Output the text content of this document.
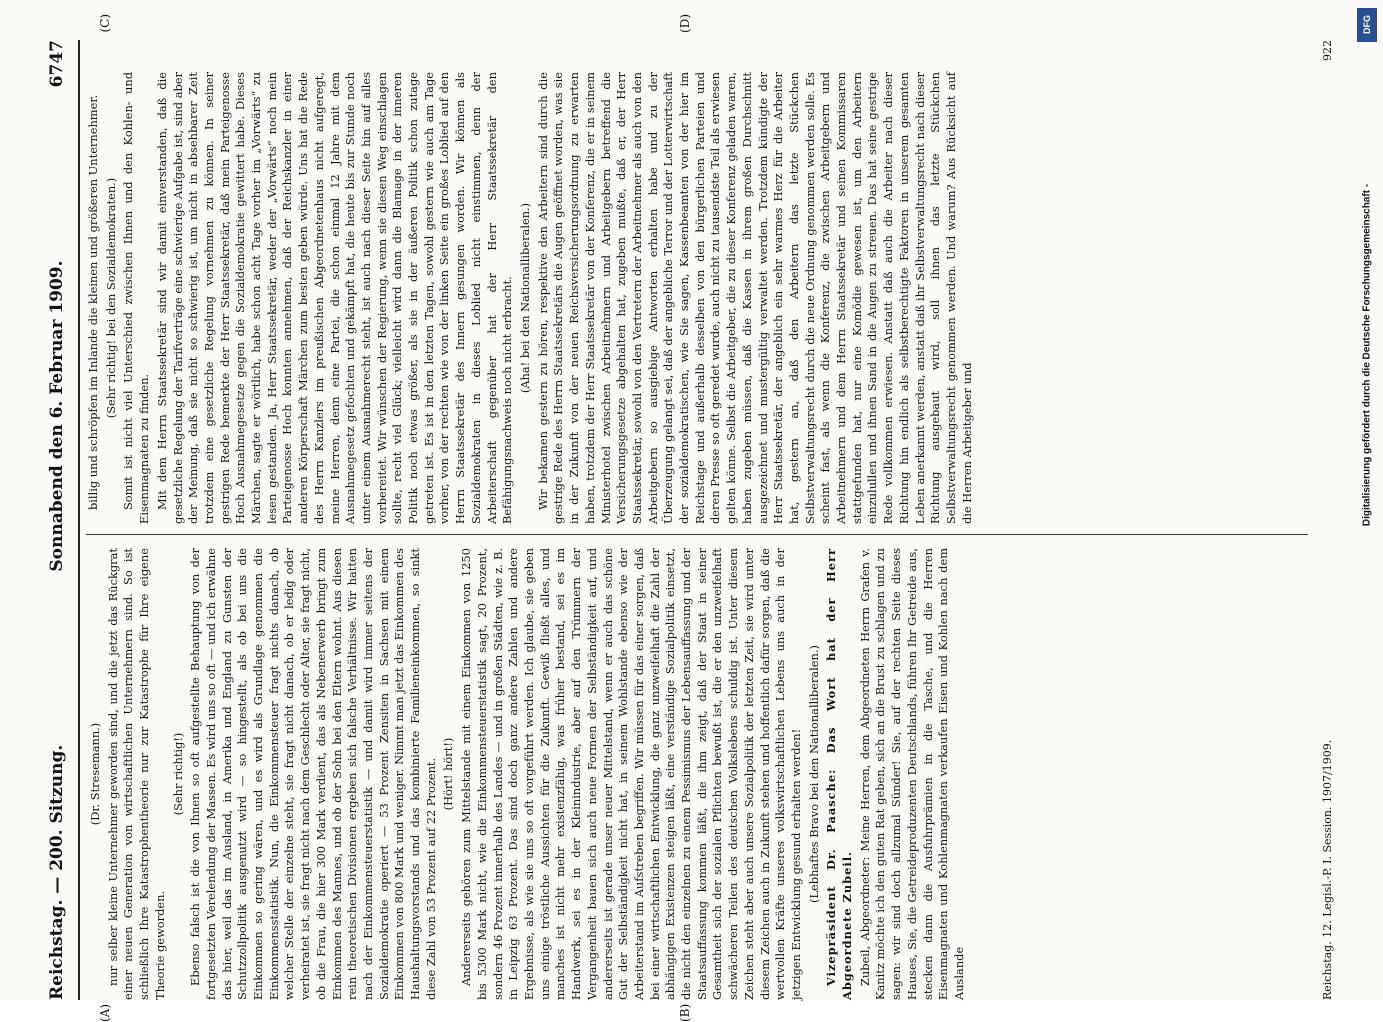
Reichstag. — 200. Sitzung.
Sonnabend den 6. Februar 1909.
6747

(Dr. Stresemann.) nur selber kleine Unternehmer geworden sind, und die jetzt das Rückgrat einer neuen Generation von wirtschaftlichen Unternehmern sind. So ist schließlich Ihre Katastrophentheorie nur zur Katastrophe für Ihre eigene Theorie geworden.

(Sehr richtig!) Ebenso falsch ist die von Ihnen so oft aufgestellte Behauptung von der fortgesetzten Verelendung der Massen. Es wird uns so oft — und ich erwähne das hier, weil das im Ausland, in Amerika und England zu Gunsten der Schutzzollpolitik ausgenutzt wird — so hingestellt, als ob bei uns die Einkommen so gering wären, und es wird als Grundlage genommen die Einkommensstatistik. Nun, die Einkommensteuer fragt nichts danach, ob welcher Stelle der einzelne steht, sie fragt nicht danach, ob er ledig oder verheiratet ist, sie fragt nicht nach dem Geschlecht oder Alter, sie fragt nicht, ob die Frau, die hier 300 Mark verdient, das als Nebenerwerb bringt zum Einkommen des Mannes, und ob der Sohn bei den Eltern wohnt. Aus diesen rein theoretischen Divisionen ergeben sich falsche Verhältnisse. Wir hatten nach der Einkommensteuerstatistik — und damit wird immer seitens der Sozialdemokratie operiert — 53 Prozent Zensiten in Sachsen mit einem Einkommen von 800 Mark und weniger. Nimmt man jetzt das Einkommen des Haushaltungsvorstands und das kombinierte Familieneinkommen, so sinkt diese Zahl von 53 Prozent auf 22 Prozent. (Hört! hört!) Andererseits gehören zum Mittelstande mit einem Einkommen von 1250 bis 5300 Mark nicht, wie die Einkommensteuerstatistik sagt, 20 Prozent, sondern 46 Prozent innerhalb des Landes — und in großen Städten, wie z. B. in Leipzig 63 Prozent. Das sind doch ganz andere Zahlen und andere Ergebnisse, als wie sie uns so oft vorgeführt werden. Ich glaube, sie geben uns einige tröstliche Aussichten für die Zukunft. Gewiß fließt alles, und manches ist nicht mehr existenzfähig, was früher bestand, sei es im Handwerk, sei es in der Kleinindustrie, aber auf den Trümmern der Vergangenheit bauen sich auch neue Formen der Selbständigkeit auf, und andererseits ist gerade unser neuer Mittelstand, wenn er auch das schöne Gut der Selbständigkeit nicht hat, in seinem Wohlstande ebenso wie der Arbeiterstand im Aufstreben begriffen. Wir müssen für das einer sorgen, daß bei einer wirtschaftlichen Entwicklung, die ganz unzweifelhaft die Zahl der abhängigen Existenzen steigen läßt, eine verständige Sozialpolitik einsetzt, die nicht den einzelnen zu einem Pessimismus der Lebensauffassung und der Staatsauffassung kommen läßt, die ihm zeigt, daß der Staat in seiner Gesamtheit sich der sozialen Pflichten bewußt ist, die er den unzweifelhaft schwächeren Teilen des deutschen Volkslebens schuldig ist. Unter diesem Zeichen steht aber auch unsere Sozialpolitik der letzten Zeit, sie wird unter diesem Zeichen auch in Zukunft stehen und hoffentlich dafür sorgen, daß die wertvollen Kräfte unseres volkswirtschaftlichen Lebens uns auch in der jetzigen Entwicklung gesund erhalten werden! (Lebhaftes Bravo bei den Nationalliberalen.) Vizepräsident Dr. Paasche: Das Wort hat der Herr Abgeordnete Zubeil. Zubeil, Abgeordneter: Meine Herren, dem Abgeordneten Herrn Grafen v. Kanitz möchte ich den guten Rat geben, sich an die Brust zu schlagen und zu sagen: wir sind doch allzumal Sünder! Sie, auf der rechten Seite dieses Hauses, Sie, die Getreideproduzenten Deutschlands, führen Ihr Getreide aus, stecken dann die Ausfuhrprämien in die Tasche, und die Herren Eisenmagnaten und Kohlenmagnaten verkaufen Eisen und Kohlen nach dem Auslande

billig und schröpfen im Inlande die kleinen und größeren Unternehmer. (Sehr richtig! bei den Sozialdemokraten.) Somit ist nicht viel Unterschied zwischen Ihnen und den Kohlen- und Eisenmagnaten zu finden. Mit dem Herrn Staatssekretär sind wir damit einverstanden, daß die gesetzliche Regelung der Tarifverträge eine schwierige Aufgabe ist, sind aber der Meinung, daß sie nicht so schwierig ist, um nicht in absehbarer Zeit trotzdem eine gesetzliche Regelung vornehmen zu können. In seiner gestrigen Rede bemerkte der Herr Staatssekretär, daß mein Parteigenosse Hoch Ausnahmegesetze gegen die Sozialdemokratie gewittert habe. Dieses Märchen, sagte er wörtlich, habe schon acht Tage vorher im „Vorwärts“ zu lesen gestanden. Ja, Herr Staatssekretär, weder der „Vorwärts“ noch mein Parteigenosse Hoch konnten annehmen, daß der Reichskanzler in einer anderen Körperschaft Märchen zum besten geben würde. Uns hat die Rede des Herrn Kanzlers im preußischen Abgeordnetenhaus nicht aufgeregt, meine Herren, denn eine Partei, die schon einmal 12 Jahre mit dem Ausnahmegesetz gefochten und gekämpft hat, die heute bis zur Stunde noch unter einem Ausnahmerecht steht, ist auch nach dieser Seite hin auf alles vorbereitet. Wir wünschen der Regierung, wenn sie diesen Weg einschlagen sollte, recht viel Glück; vielleicht wird dann die Blamage in der inneren Politik noch etwas größer, als sie in der äußeren Politik schon zutage getreten ist. Es ist in den letzten Tagen, sowohl gestern wie auch am Tage vorher, von der rechten wie von der linken Seite ein großes Loblied auf den Herrn Staatssekretär des Innern gesungen worden. Wir können als Sozialdemokraten in dieses Loblied nicht einstimmen, denn der Arbeiterschaft gegenüber hat der Herr Staatssekretär den Befähigungsnachweis noch nicht erbracht. (Aha! bei den Nationalliberalen.) Wir bekamen gestern zu hören, respektive den Arbeitern sind durch die gestrige Rede des Herrn Staatssekretärs die Augen geöffnet worden, was sie in der Zukunft von der neuen Reichsversicherungsordnung zu erwarten haben, trotzdem der Herr Staatssekretär von der Konferenz, die er in seinem Ministerhotel zwischen Arbeitnehmern und Arbeitgebern betreffend die Versicherungsgesetze abgehalten hat, zugeben mußte, daß er, der Herr Staatssekretär, sowohl von den Vertretern der Arbeitnehmer als auch von den Arbeitgebern so ausgiebige Antworten erhalten habe und zu der Überzeugung gelangt sei, daß der angebliche Terror und der Lotterwirtschaft der sozialdemokratischen, wie Sie sagen, Kassenbeamten von der hier im Reichstage und außerhalb desselben von den bürgerlichen Parteien und deren Presse so oft geredet wurde, auch nicht zu tausendste Teil als erwiesen gelten könne. Selbst die Arbeitgeber, die zu dieser Konferenz geladen waren, haben zugeben müssen, daß die Kassen in ihrem großen Durchschnitt ausgezeichnet und mustergültig verwaltet werden. Trotzdem kündigte der Herr Staatssekretär, der angeblich ein sehr warmes Herz für die Arbeiter hat, gestern an, daß den Arbeitern das letzte Stückchen Selbstverwaltungsrecht durch die neue Ordnung genommen werden solle. Es scheint fast, als wenn die Konferenz, die zwischen Arbeitgebern und Arbeitnehmern und dem Herrn Staatssekretär und seinen Kommissaren stattgefunden hat, nur eine Komödie gewesen ist, um den Arbeitern einzulullen und ihnen Sand in die Augen zu streuen. Das hat seine gestrige Rede vollkommen erwiesen. Anstatt daß auch die Arbeiter nach dieser Richtung hin endlich als selbstberechtigte Faktoren in unserem gesamten Leben anerkannt werden, anstatt daß ihr Selbstverwaltungsrecht nach dieser Richtung ausgebaut wird, soll ihnen das letzte Stückchen Selbstverwaltungsrecht genommen werden. Und warum? Aus Rücksicht auf die Herren Arbeitgeber und

(A)	(B)
(C)	(D)
Reichstag. 12. Legisl.-P. I. Session. 1907/1909.
922
Digitalisierung gefördert durch die Deutsche Forschungsgemeinschaft -
DFG
